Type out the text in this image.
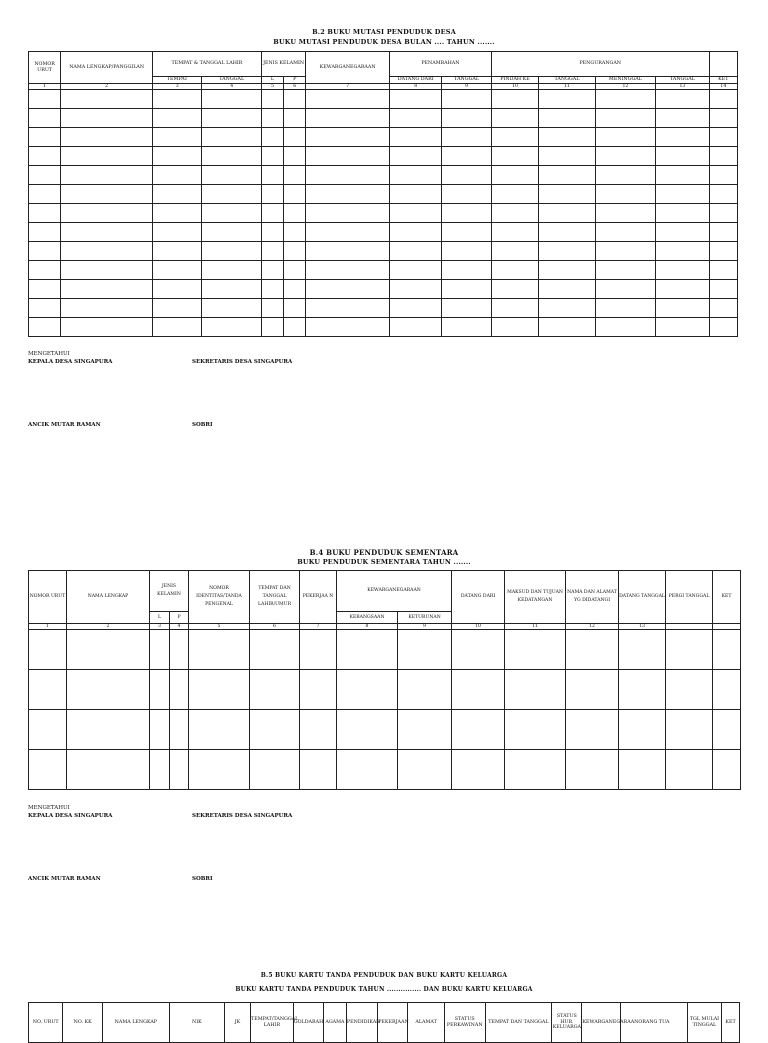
B.2 BUKU MUTASI PENDUDUK DESA
BUKU MUTASI PENDUDUK DESA BULAN .... TAHUN .......
NOMOR URUT	NAMA LENGKAP/PANGGILAN	TEMPAT & TANGGAL LAHIR		JENIS KELAMIN		KEWARGANEGARAAN	PENAMBAHAN		PENGURANGAN				
		TEMPAT	TANGGAL	L	P		DATANG DARI	TANGGAL	PINDAH KE	TANGGAL	MENINGGAL	TANGGAL	KET
1	2	3	4	5	6	7	8	9	10	11	12	13	14

MENGETAHUI
KEPALA DESA SINGAPURA	SEKRETARIS DESA SINGAPURA
ANCIK MUTAR RAMAN	SOBRI
B.4 BUKU PENDUDUK SEMENTARA
BUKU PENDUDUK SEMENTARA TAHUN .......
NOMOR URUT	NAMA LENGKAP	JENIS KELAMIN		NOMOR IDENTITAS/TANDA PENGENAL	TEMPAT DAN TANGGAL LAHIR/UMUR	PEKERJAA N	KEWARGANEGARAAN		DATANG DARI	MAKSUD DAN TUJUAN KEDATANGAN	NAMA DAN ALAMAT YG DIDATANGI	DATANG TANGGAL	PERGI TANGGAL	KET
		L	P				KEBANGSAAN	KETURUNAN						
1	2	3	4	5	6	7	8	9	10	11	12	13		

MENGETAHUI
KEPALA DESA SINGAPURA	SEKRETARIS DESA SINGAPURA
ANCIK MUTAR RAMAN	SOBRI
B.5 BUKU KARTU TANDA PENDUDUK DAN BUKU KARTU KELUARGA
BUKU KARTU TANDA PENDUDUK TAHUN ............... DAN BUKU KARTU KELUARGA
NO. URUT	NO. KK	NAMA LENGKAP	NIK	JK	TEMPAT/TANGGAL LAHIR	GOLDARAH	AGAMA	PENDIDIKAN	PEKERJAAN	ALAMAT	STATUS PERKAWINAN	TEMPAT DAN TANGGAL	STATUS HUB. KELUARGA	KEWARGANEGARAAN	ORANG TUA	TGL MULAI TINGGAL	KET
